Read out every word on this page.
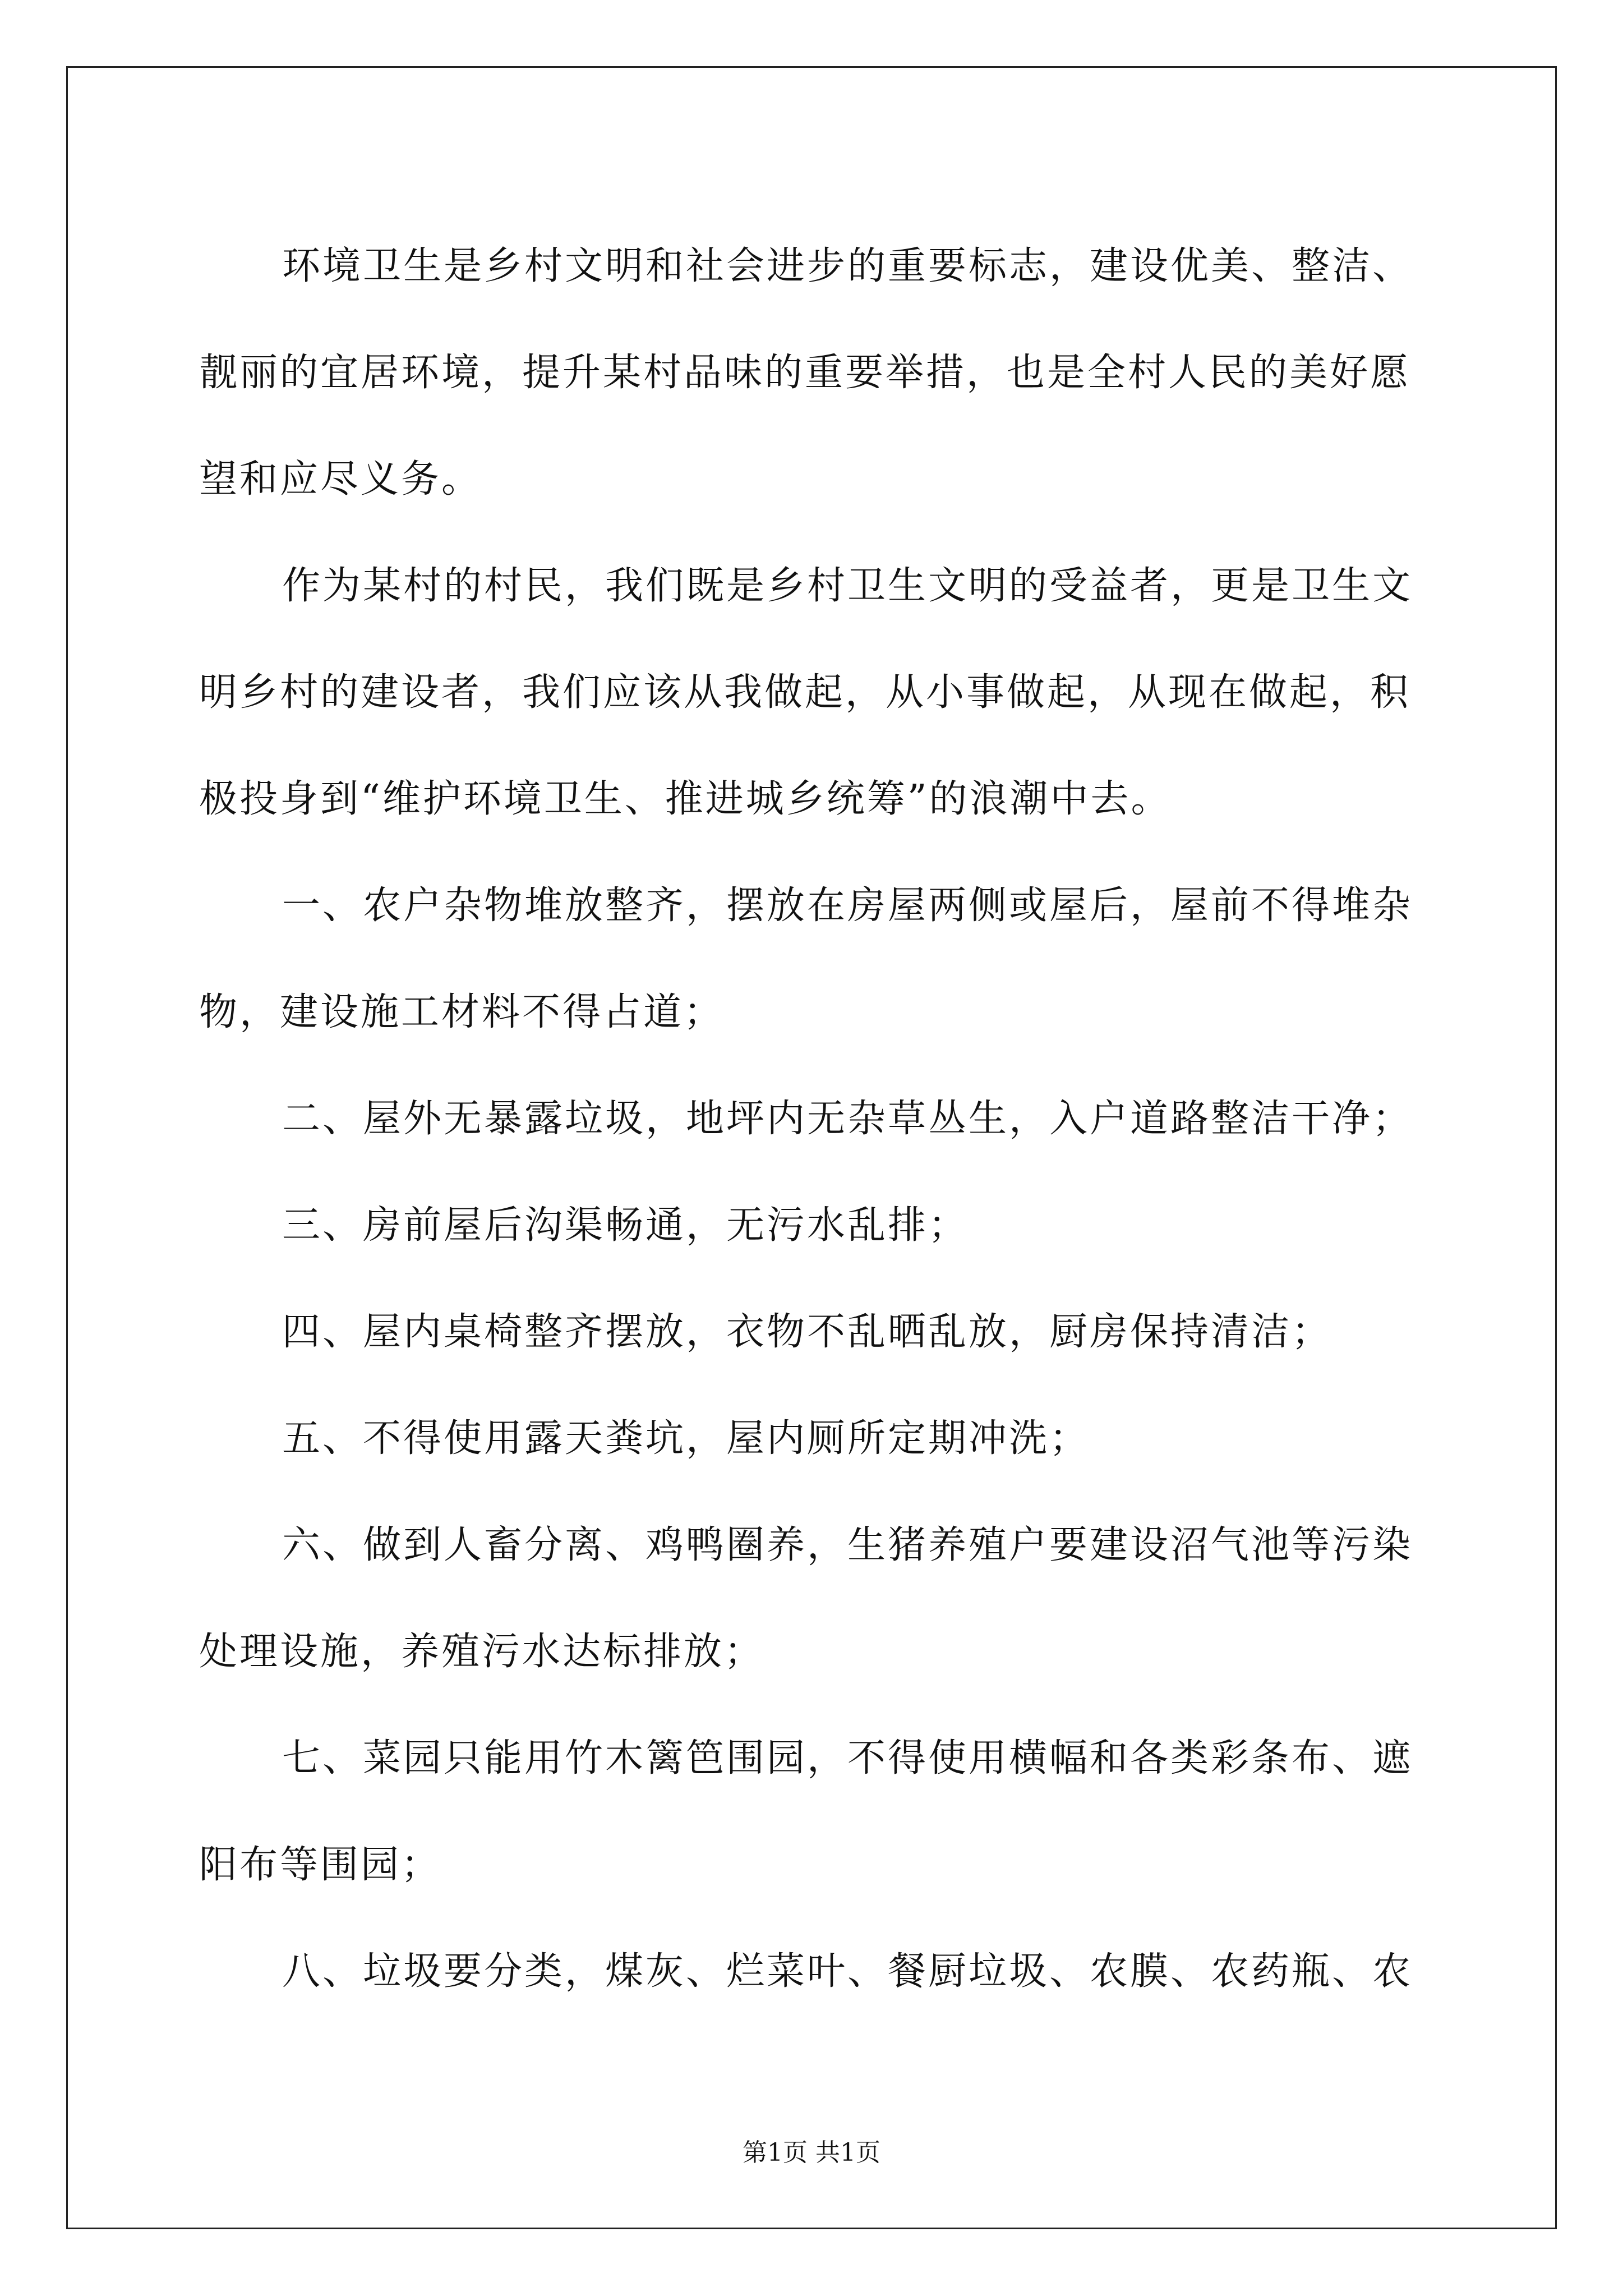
环境卫生是乡村文明和社会进步的重要标志，建设优美、整洁、
靓丽的宜居环境，提升某村品味的重要举措，也是全村人民的美好愿
望和应尽义务。
作为某村的村民，我们既是乡村卫生文明的受益者，更是卫生文
明乡村的建设者，我们应该从我做起，从小事做起，从现在做起，积
极投身到“维护环境卫生、推进城乡统筹”的浪潮中去。
一、农户杂物堆放整齐，摆放在房屋两侧或屋后，屋前不得堆杂
物，建设施工材料不得占道；
二、屋外无暴露垃圾，地坪内无杂草丛生，入户道路整洁干净；
三、房前屋后沟渠畅通，无污水乱排；
四、屋内桌椅整齐摆放，衣物不乱晒乱放，厨房保持清洁；
五、不得使用露天粪坑，屋内厕所定期冲洗；
六、做到人畜分离、鸡鸭圈养，生猪养殖户要建设沼气池等污染
处理设施，养殖污水达标排放；
七、菜园只能用竹木篱笆围园，不得使用横幅和各类彩条布、遮
阳布等围园；
八、垃圾要分类，煤灰、烂菜叶、餐厨垃圾、农膜、农药瓶、农
第1页 共1页
